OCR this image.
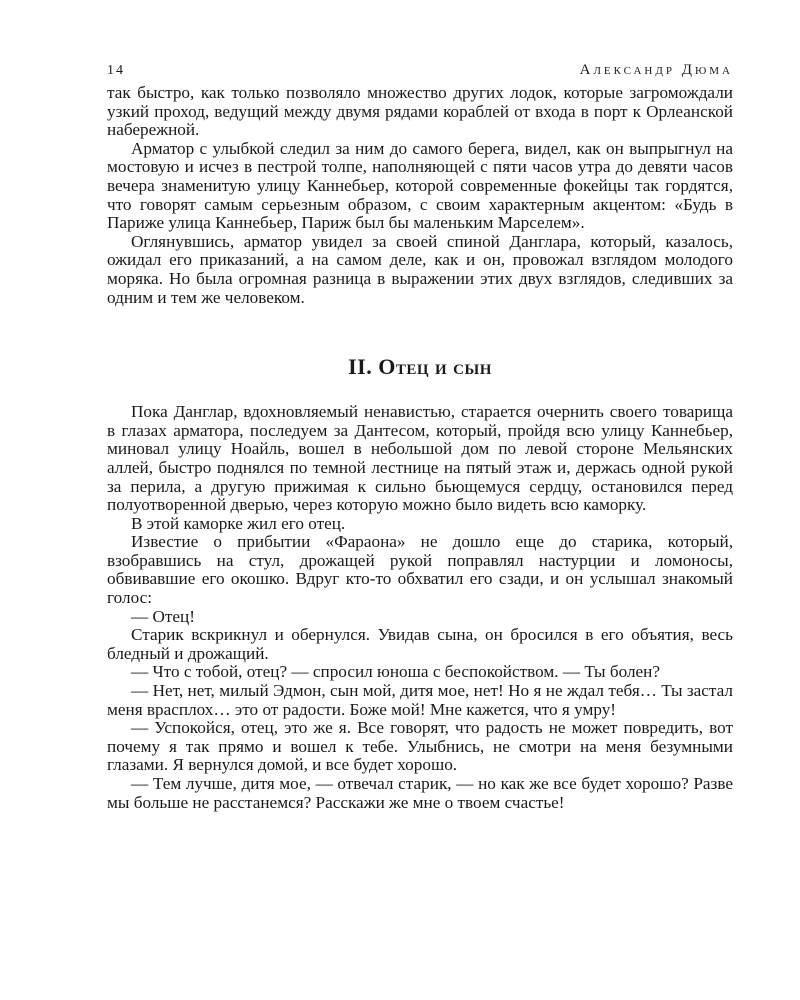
14	Александр Дюма

так быстро, как только позволяло множество других лодок, которые загромождали узкий проход, ведущий между двумя рядами кораблей от входа в порт к Орлеанской набережной.

Арматор с улыбкой следил за ним до самого берега, видел, как он выпрыгнул на мостовую и исчез в пестрой толпе, наполняющей с пяти часов утра до девяти часов вечера знаменитую улицу Каннебьер, которой современные фокейцы так гордятся, что говорят самым серьезным образом, с своим характерным акцентом: «Будь в Париже улица Каннебьер, Париж был бы маленьким Марселем».

Оглянувшись, арматор увидел за своей спиной Данглара, который, казалось, ожидал его приказаний, а на самом деле, как и он, провожал взглядом молодого моряка. Но была огромная разница в выражении этих двух взглядов, следивших за одним и тем же человеком.

II. Отец и сын

Пока Данглар, вдохновляемый ненавистью, старается очернить своего товарища в глазах арматора, последуем за Дантесом, который, пройдя всю улицу Каннебьер, миновал улицу Ноайль, вошел в небольшой дом по левой стороне Мельянских аллей, быстро поднялся по темной лестнице на пятый этаж и, держась одной рукой за перила, а другую прижимая к сильно бьющемуся сердцу, остановился перед полуотворенной дверью, через которую можно было видеть всю каморку.

В этой каморке жил его отец.

Известие о прибытии «Фараона» не дошло еще до старика, который, взобравшись на стул, дрожащей рукой поправлял настурции и ломоносы, обвивавшие его окошко. Вдруг кто-то обхватил его сзади, и он услышал знакомый голос:

— Отец!

Старик вскрикнул и обернулся. Увидав сына, он бросился в его объятия, весь бледный и дрожащий.

— Что с тобой, отец? — спросил юноша с беспокойством. — Ты болен?

— Нет, нет, милый Эдмон, сын мой, дитя мое, нет! Но я не ждал тебя… Ты застал меня врасплох… это от радости. Боже мой! Мне кажется, что я умру!

— Успокойся, отец, это же я. Все говорят, что радость не может повредить, вот почему я так прямо и вошел к тебе. Улыбнись, не смотри на меня безумными глазами. Я вернулся домой, и все будет хорошо.

— Тем лучше, дитя мое, — отвечал старик, — но как же все будет хорошо? Разве мы больше не расстанемся? Расскажи же мне о твоем счастье!
